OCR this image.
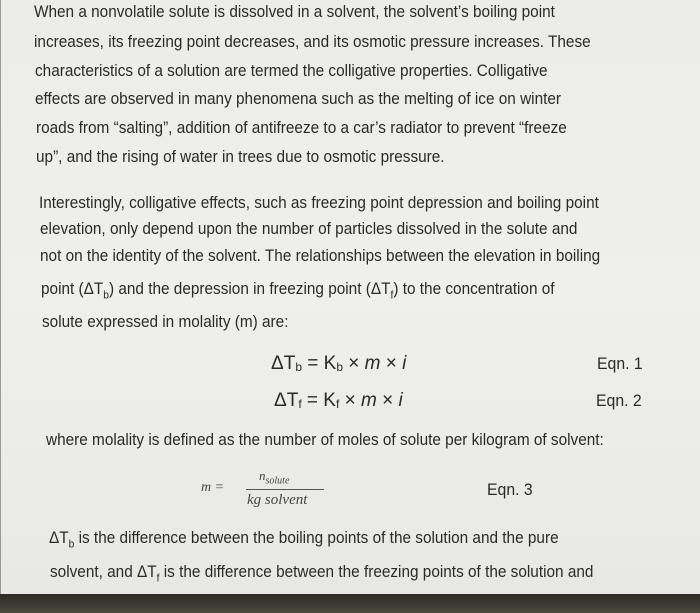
When a nonvolatile solute is dissolved in a solvent, the solvent’s boiling point
increases, its freezing point decreases, and its osmotic pressure increases. These
characteristics of a solution are termed the colligative properties. Colligative
effects are observed in many phenomena such as the melting of ice on winter
roads from “salting”, addition of antifreeze to a car’s radiator to prevent “freeze
up”, and the rising of water in trees due to osmotic pressure.
Interestingly, colligative effects, such as freezing point depression and boiling point
elevation, only depend upon the number of particles dissolved in the solute and
not on the identity of the solvent. The relationships between the elevation in boiling
point $(\Delta T_b)$ and the depression in freezing point $(\Delta T_f)$ to the concentration of
solute expressed in molality (m) are:
$\Delta T_b = K_b \times m \times i$	Eqn. 1
$\Delta T_f = K_f \times m \times i$	Eqn. 2
where molality is defined as the number of moles of solute per kilogram of solvent:
m =
$n_{solute}$
kg solvent
Eqn. 3
$\Delta T_b$ is the difference between the boiling points of the solution and the pure
solvent, and $\Delta T_f$ is the difference between the freezing points of the solution and
